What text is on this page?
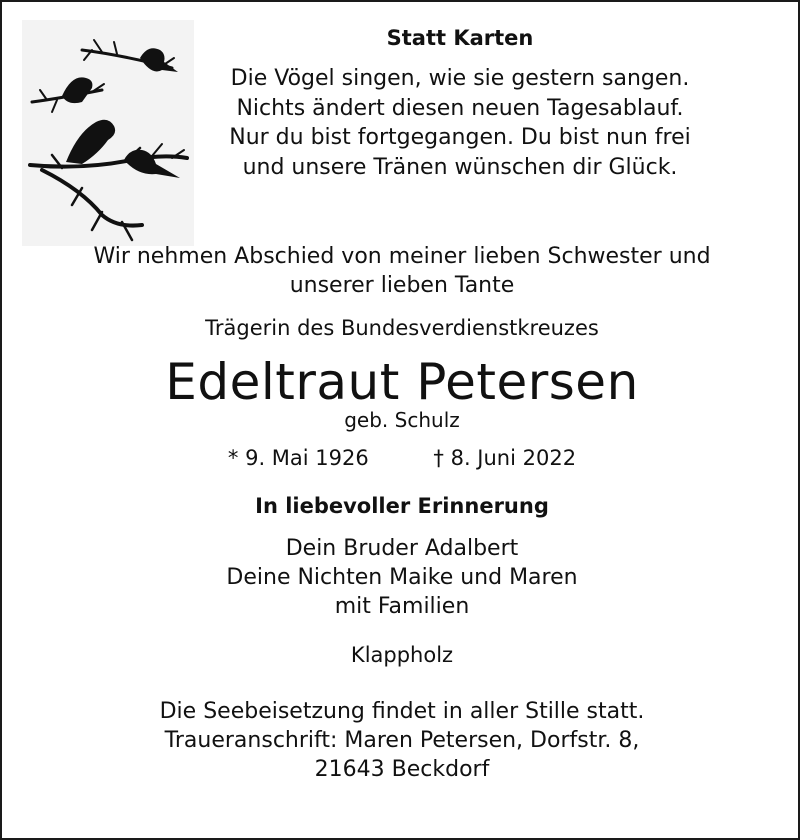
Statt Karten
Die Vögel singen, wie sie gestern sangen.
Nichts ändert diesen neuen Tagesablauf.
Nur du bist fortgegangen. Du bist nun frei
und unsere Tränen wünschen dir Glück.
Wir nehmen Abschied von meiner lieben Schwester und
unserer lieben Tante
Trägerin des Bundesverdienstkreuzes
Edeltraut Petersen
geb. Schulz
* 9. Mai 1926	† 8. Juni 2022
In liebevoller Erinnerung
Dein Bruder Adalbert
Deine Nichten Maike und Maren
mit Familien
Klappholz
Die Seebeisetzung findet in aller Stille statt.
Traueranschrift: Maren Petersen, Dorfstr. 8,
21643 Beckdorf
